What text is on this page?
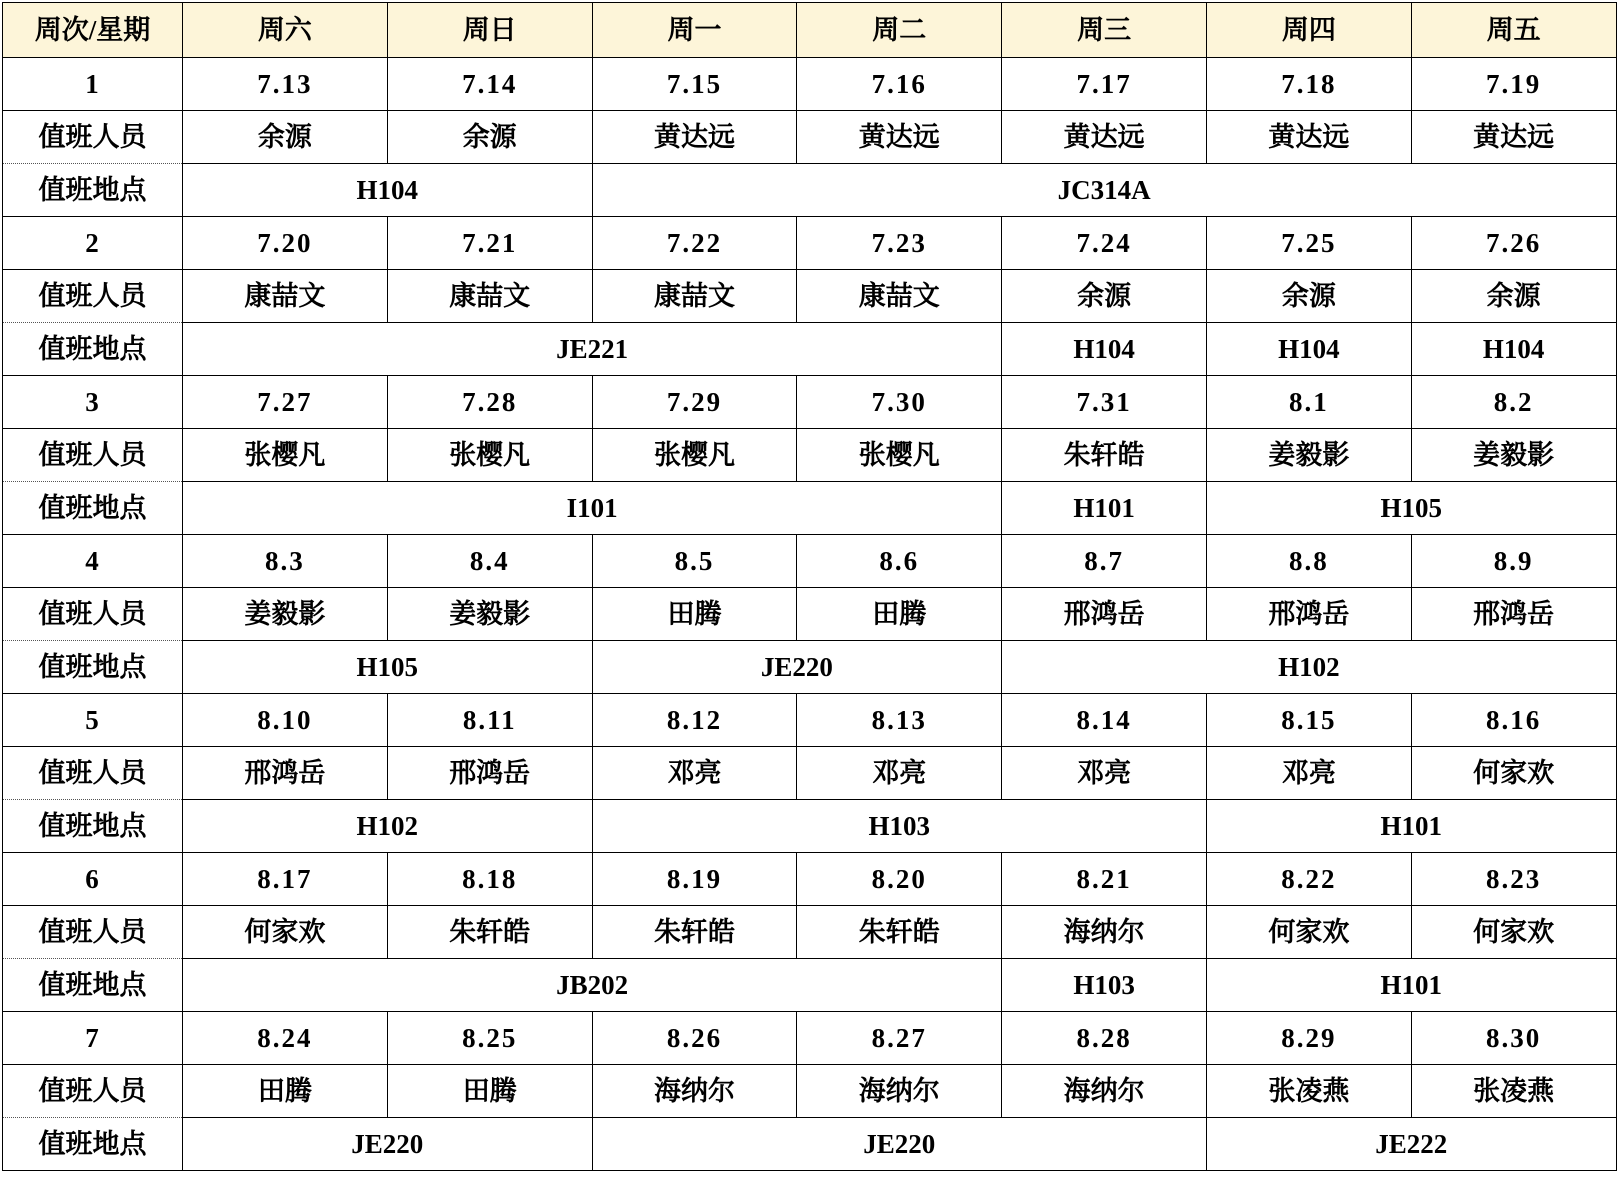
周次/星期	周六	周日	周一	周二	周三	周四	周五
1	7.13	7.14	7.15	7.16	7.17	7.18	7.19
值班人员	余源	余源	黄达远	黄达远	黄达远	黄达远	黄达远
值班地点	H104		JC314A				
2	7.20	7.21	7.22	7.23	7.24	7.25	7.26
值班人员	康喆文	康喆文	康喆文	康喆文	余源	余源	余源
值班地点	JE221				H104	H104	H104
3	7.27	7.28	7.29	7.30	7.31	8.1	8.2
值班人员	张樱凡	张樱凡	张樱凡	张樱凡	朱轩皓	姜毅影	姜毅影
值班地点	I101				H101	H105	
4	8.3	8.4	8.5	8.6	8.7	8.8	8.9
值班人员	姜毅影	姜毅影	田腾	田腾	邢鸿岳	邢鸿岳	邢鸿岳
值班地点	H105		JE220		H102		
5	8.10	8.11	8.12	8.13	8.14	8.15	8.16
值班人员	邢鸿岳	邢鸿岳	邓亮	邓亮	邓亮	邓亮	何家欢
值班地点	H102		H103			H101	
6	8.17	8.18	8.19	8.20	8.21	8.22	8.23
值班人员	何家欢	朱轩皓	朱轩皓	朱轩皓	海纳尔	何家欢	何家欢
值班地点	JB202				H103	H101	
7	8.24	8.25	8.26	8.27	8.28	8.29	8.30
值班人员	田腾	田腾	海纳尔	海纳尔	海纳尔	张凌燕	张凌燕
值班地点	JE220		JE220			JE222	
